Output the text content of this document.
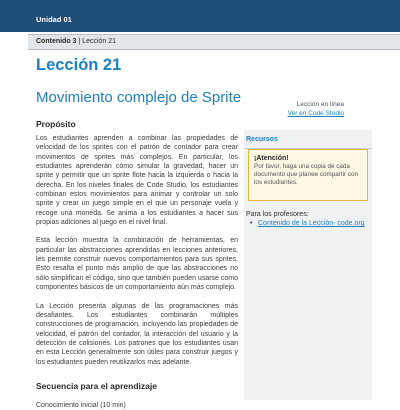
Unidad 01
Contenido 3 | Lección 21
Lección 21
Movimiento complejo de Sprite	Lección en línea
Ver en Code Studio
Propósito

Los estudiantes aprenden a combinar las propiedades de velocidad de los sprites con el patrón de contador para crear movimientos de sprites más complejos. En particular, los estudiantes aprenderán cómo simular la gravedad, hacer un sprite y permitir que un sprite flote hacia la izquierda o hacia la derecha. En los niveles finales de Code Studio, los estudiantes combinan estos movimientos para animar y controlar un solo sprite y crear un juego simple en el que un personaje vuela y recoge una moneda. Se anima a los estudiantes a hacer sus propias adiciones al juego en el nivel final.

Esta lección muestra la combinación de herramientas, en particular las abstracciones aprendidas en lecciones anteriores, les permite construir nuevos comportamientos para sus sprites. Esto resalta el punto más amplio de que las abstracciones no sólo simplifican el código, sino que también pueden usarse como componentes básicos de un comportamiento aún más complejo.

La Lección presenta algunas de las programaciones más desafiantes. Los estudiantes combinarán múltiples construcciones de programación, incluyendo las propiedades de velocidad, el patrón del contador, la interacción del usuario y la detección de colisiones. Los patrones que los estudiantes usan en esta Lección generalmente son útiles para construir juegos y los estudiantes pueden reutilizarlos más adelante.

Secuencia para el aprendizaje

Conocimiento inicial (10 min)

Recursos
¡Atención!
Por favor, haga una copia de cada documento que planee compartir con los estudiantes.
Para los profesores:
• Contenido de la Lección- code.org
